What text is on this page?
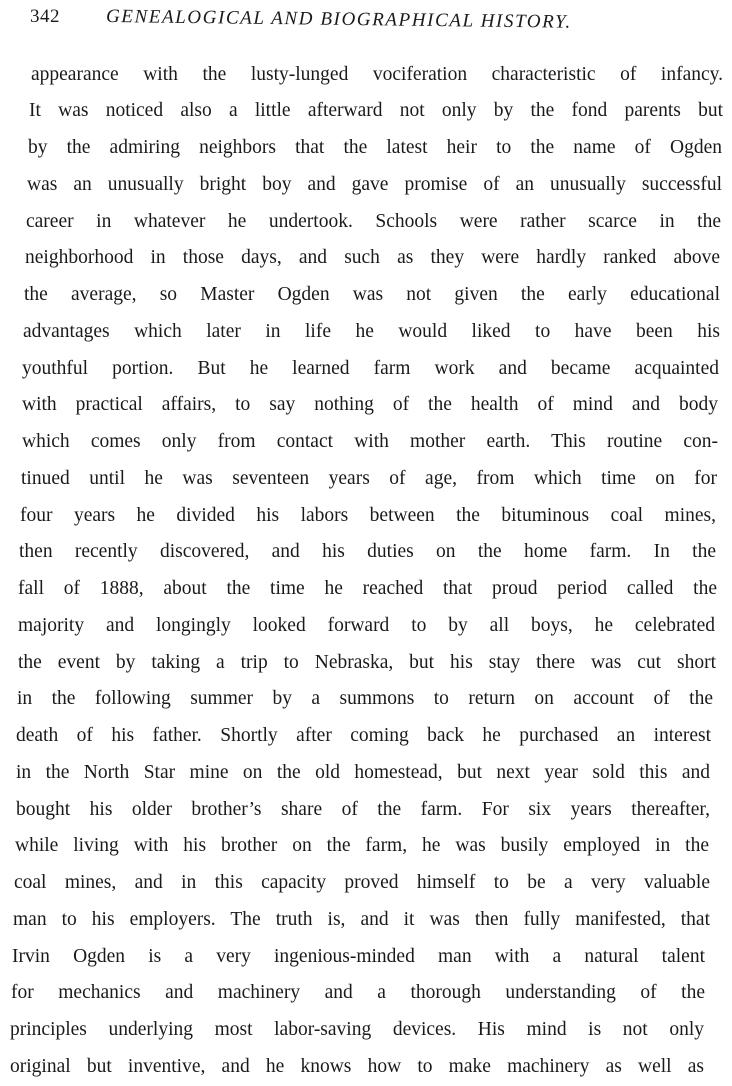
342 GENEALOGICAL AND BIOGRAPHICAL HISTORY.
appearance with the lusty-lunged vociferation characteristic of infancy.
It was noticed also a little afterward not only by the fond parents but
by the admiring neighbors that the latest heir to the name of Ogden
was an unusually bright boy and gave promise of an unusually successful
career in whatever he undertook. Schools were rather scarce in the
neighborhood in those days, and such as they were hardly ranked above
the average, so Master Ogden was not given the early educational
advantages which later in life he would liked to have been his
youthful portion. But he learned farm work and became acquainted
with practical affairs, to say nothing of the health of mind and body
which comes only from contact with mother earth. This routine con-
tinued until he was seventeen years of age, from which time on for
four years he divided his labors between the bituminous coal mines,
then recently discovered, and his duties on the home farm. In the
fall of 1888, about the time he reached that proud period called the
majority and longingly looked forward to by all boys, he celebrated
the event by taking a trip to Nebraska, but his stay there was cut short
in the following summer by a summons to return on account of the
death of his father. Shortly after coming back he purchased an interest
in the North Star mine on the old homestead, but next year sold this and
bought his older brother’s share of the farm. For six years thereafter,
while living with his brother on the farm, he was busily employed in the
coal mines, and in this capacity proved himself to be a very valuable
man to his employers. The truth is, and it was then fully manifested, that
Irvin Ogden is a very ingenious-minded man with a natural talent
for mechanics and machinery and a thorough understanding of the
principles underlying most labor-saving devices. His mind is not only
original but inventive, and he knows how to make machinery as well as
